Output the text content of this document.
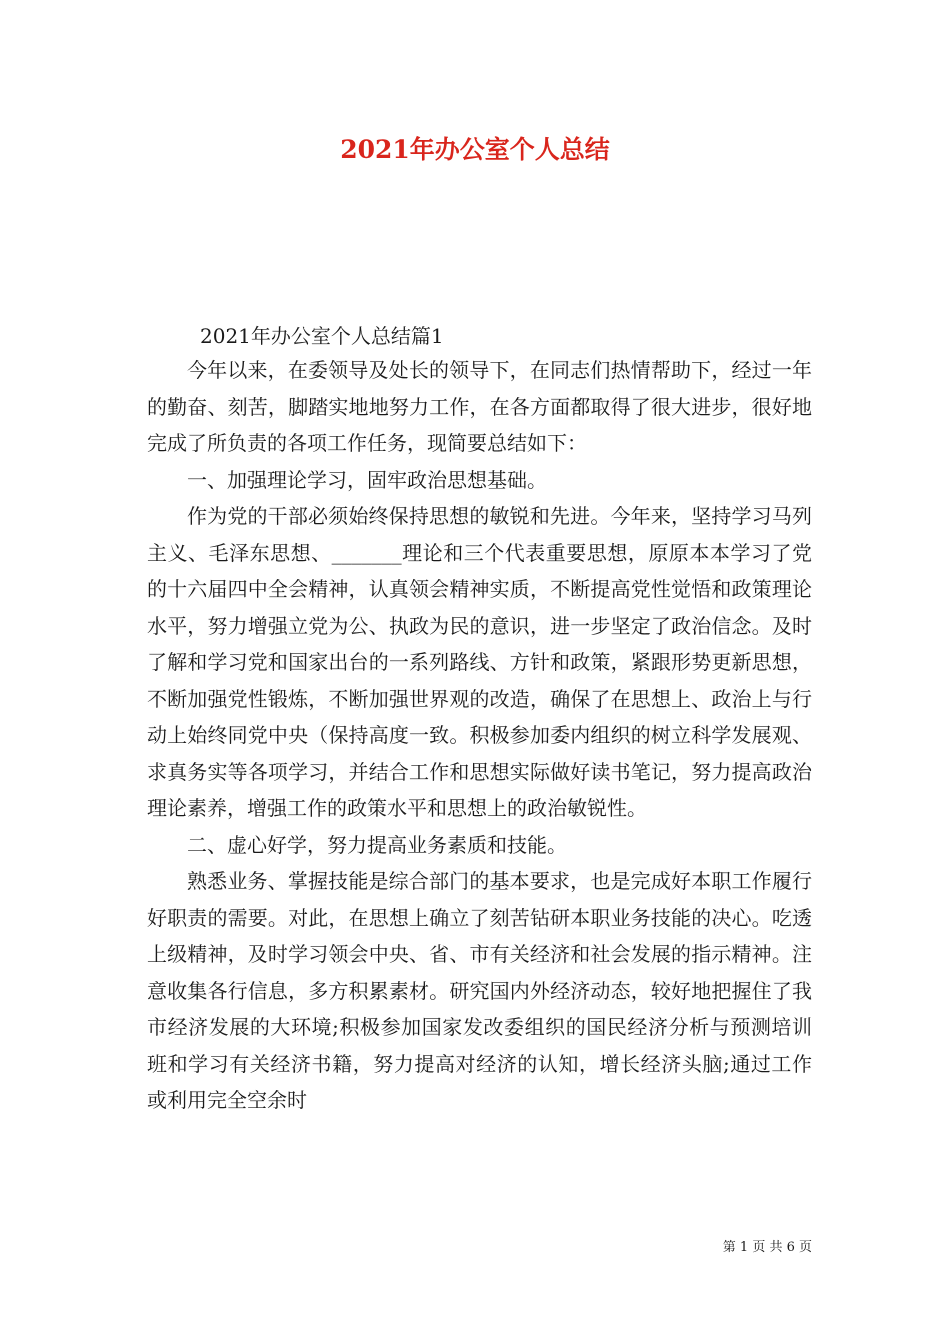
2021年办公室个人总结
2021年办公室个人总结篇1

今年以来，在委领导及处长的领导下，在同志们热情帮助下，经过一年的勤奋、刻苦，脚踏实地地努力工作，在各方面都取得了很大进步，很好地完成了所负责的各项工作任务，现简要总结如下：

一、加强理论学习，固牢政治思想基础。

作为党的干部必须始终保持思想的敏锐和先进。今年来，坚持学习马列主义、毛泽东思想、_______理论和三个代表重要思想，原原本本学习了党的十六届四中全会精神，认真领会精神实质，不断提高党性觉悟和政策理论水平，努力增强立党为公、执政为民的意识，进一步坚定了政治信念。及时了解和学习党和国家出台的一系列路线、方针和政策，紧跟形势更新思想，不断加强党性锻炼，不断加强世界观的改造，确保了在思想上、政治上与行动上始终同党中央（保持高度一致。积极参加委内组织的树立科学发展观、求真务实等各项学习，并结合工作和思想实际做好读书笔记，努力提高政治理论素养，增强工作的政策水平和思想上的政治敏锐性。

二、虚心好学，努力提高业务素质和技能。

熟悉业务、掌握技能是综合部门的基本要求，也是完成好本职工作履行好职责的需要。对此，在思想上确立了刻苦钻研本职业务技能的决心。吃透上级精神，及时学习领会中央、省、市有关经济和社会发展的指示精神。注意收集各行信息，多方积累素材。研究国内外经济动态，较好地把握住了我市经济发展的大环境;积极参加国家发改委组织的国民经济分析与预测培训班和学习有关经济书籍，努力提高对经济的认知，增长经济头脑;通过工作或利用完全空余时

第 1 页 共 6 页
